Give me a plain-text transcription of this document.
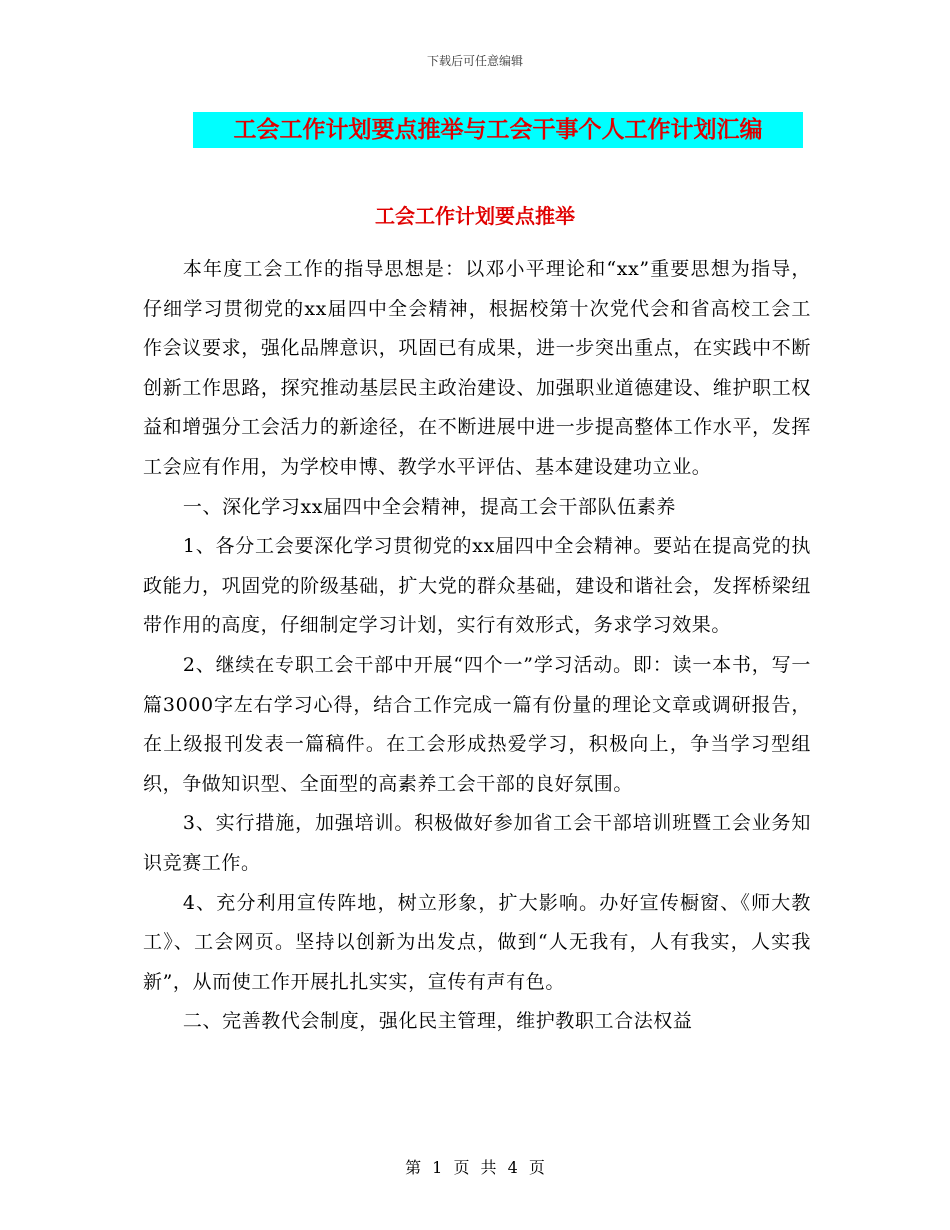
下载后可任意编辑
工会工作计划要点推举与工会干事个人工作计划汇编
工会工作计划要点推举

本年度工会工作的指导思想是：以邓小平理论和“xx”重要思想为指导，仔细学习贯彻党的xx届四中全会精神，根据校第十次党代会和省高校工会工作会议要求，强化品牌意识，巩固已有成果，进一步突出重点，在实践中不断创新工作思路，探究推动基层民主政治建设、加强职业道德建设、维护职工权益和增强分工会活力的新途径，在不断进展中进一步提高整体工作水平，发挥工会应有作用，为学校申博、教学水平评估、基本建设建功立业。

一、深化学习xx届四中全会精神，提高工会干部队伍素养

1、各分工会要深化学习贯彻党的xx届四中全会精神。要站在提高党的执政能力，巩固党的阶级基础，扩大党的群众基础，建设和谐社会，发挥桥梁纽带作用的高度，仔细制定学习计划，实行有效形式，务求学习效果。

2、继续在专职工会干部中开展“四个一”学习活动。即：读一本书，写一篇3000字左右学习心得，结合工作完成一篇有份量的理论文章或调研报告，在上级报刊发表一篇稿件。在工会形成热爱学习，积极向上，争当学习型组织，争做知识型、全面型的高素养工会干部的良好氛围。

3、实行措施，加强培训。积极做好参加省工会干部培训班暨工会业务知识竞赛工作。

4、充分利用宣传阵地，树立形象，扩大影响。办好宣传橱窗、《师大教工》、工会网页。坚持以创新为出发点，做到“人无我有，人有我实，人实我新”，从而使工作开展扎扎实实，宣传有声有色。

二、完善教代会制度，强化民主管理，维护教职工合法权益

第 1 页 共 4 页
